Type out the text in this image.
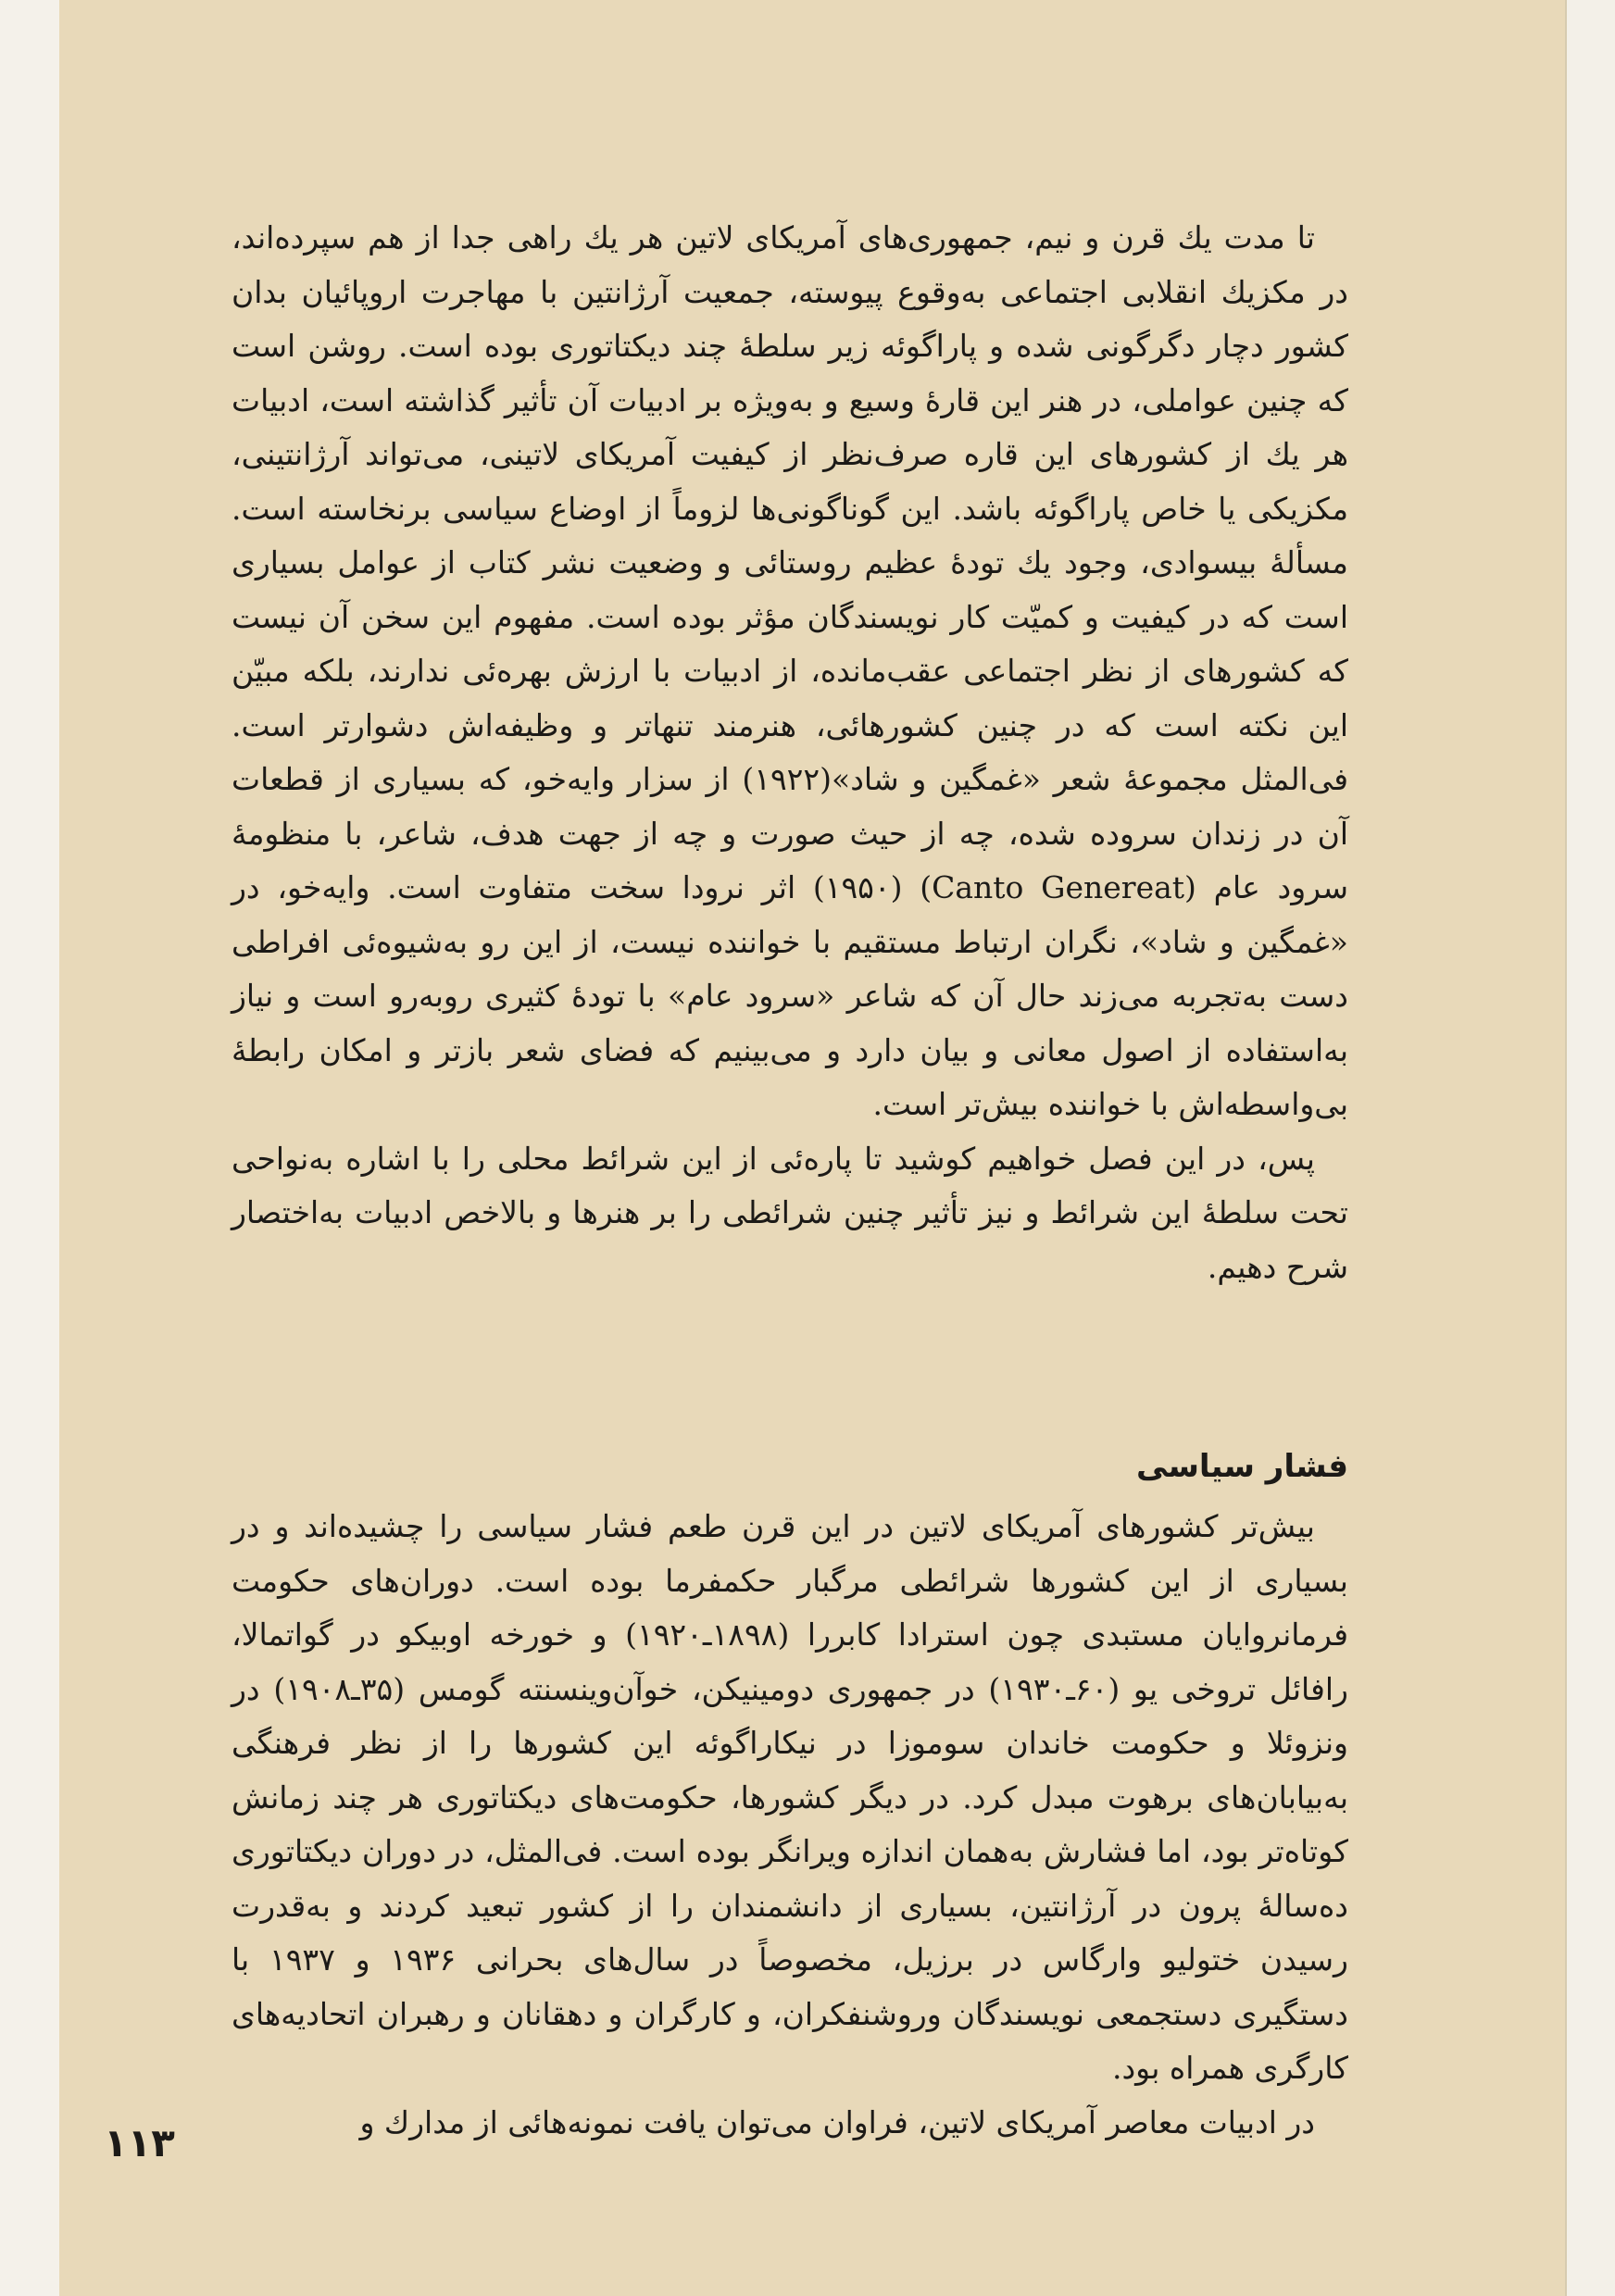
تا مدت يك قرن و نيم، جمهوری‌های آمريکای لاتين هر يك راهی جدا از هم سپرده‌اند، در مکزيك انقلابی اجتماعی به‌وقوع پيوسته، جمعيت آرژانتين با مهاجرت اروپائيان بدان کشور دچار دگرگونی شده و پاراگوئه زير سلطهٔ چند ديکتاتوری بوده است. روشن است که چنين عواملی، در هنر اين قارهٔ وسيع و به‌ويژه بر ادبيات آن تأثير گذاشته است، ادبيات هر يك از کشورهای اين قاره صرف‌نظر از کيفيت آمريکای لاتينی، می‌تواند آرژانتينی، مکزيکی يا خاص پاراگوئه باشد. اين گوناگونی‌ها لزوماً از اوضاع سياسی برنخاسته است. مسألهٔ بيسوادی، وجود يك تودهٔ عظيم روستائی و وضعيت نشر کتاب از عوامل بسياری است که در کيفيت و کميّت کار نويسندگان مؤثر بوده است. مفهوم اين سخن آن نيست که کشورهای از نظر اجتماعی عقب‌مانده، از ادبيات با ارزش بهره‌ئی ندارند، بلکه مبيّن اين نکته است که در چنين کشورهائی، هنرمند تنهاتر و وظيفه‌اش دشوارتر است. فی‌المثل مجموعهٔ شعر «غمگين و شاد»(۱۹۲۲) از سزار وايه‌خو، که بسياری از قطعات آن در زندان سروده شده، چه از حيث صورت و چه از جهت هدف، شاعر، با منظومهٔ سرود عام (Canto Genereat) (۱۹۵۰) اثر نرودا سخت متفاوت است. وايه‌خو، در «غمگين و شاد»، نگران ارتباط مستقيم با خواننده نيست، از اين رو به‌شيوه‌ئی افراطی دست به‌تجربه می‌زند حال آن که شاعر «سرود عام» با تودهٔ کثيری روبه‌رو است و نياز به‌استفاده از اصول معانی و بيان دارد و می‌بينيم که فضای شعر بازتر و امکان رابطهٔ بی‌واسطه‌اش با خواننده بيش‌تر است.

پس، در اين فصل خواهيم کوشيد تا پاره‌ئی از اين شرائط محلی را با اشاره به‌نواحی تحت سلطهٔ اين شرائط و نيز تأثير چنين شرائطی را بر هنرها و بالاخص ادبيات به‌اختصار شرح دهيم.

فشار سياسی

بيش‌تر کشورهای آمريکای لاتين در اين قرن طعم فشار سياسی را چشيده‌اند و در بسياری از اين کشورها شرائطی مرگبار حکمفرما بوده است. دوران‌های حکومت فرمانروايان مستبدی چون استرادا کابررا (۱۸۹۸ـ۱۹۲۰) و خورخه اوبيکو در گواتمالا، رافائل تروخی يو (۶۰ـ۱۹۳۰) در جمهوری دومينيکن، خوآن‌وينسنته گومس (۳۵ـ۱۹۰۸) در ونزوئلا و حکومت خاندان سوموزا در نيکاراگوئه اين کشورها را از نظر فرهنگی به‌بيابان‌های برهوت مبدل کرد. در ديگر کشورها، حکومت‌های ديکتاتوری هر چند زمانش کوتاه‌تر بود، اما فشارش به‌همان اندازه ويرانگر بوده است. فی‌المثل، در دوران ديکتاتوری ده‌سالهٔ پرون در آرژانتين، بسياری از دانشمندان را از کشور تبعيد کردند و به‌قدرت رسيدن ختوليو وارگاس در برزيل، مخصوصاً در سال‌های بحرانی ۱۹۳۶ و ۱۹۳۷ با دستگيری دستجمعی نويسندگان وروشنفکران، و کارگران و دهقانان و رهبران اتحاديه‌های کارگری همراه بود.

در ادبيات معاصر آمريکای لاتين، فراوان می‌توان يافت نمونه‌هائی از مدارك و

۱۱۳
